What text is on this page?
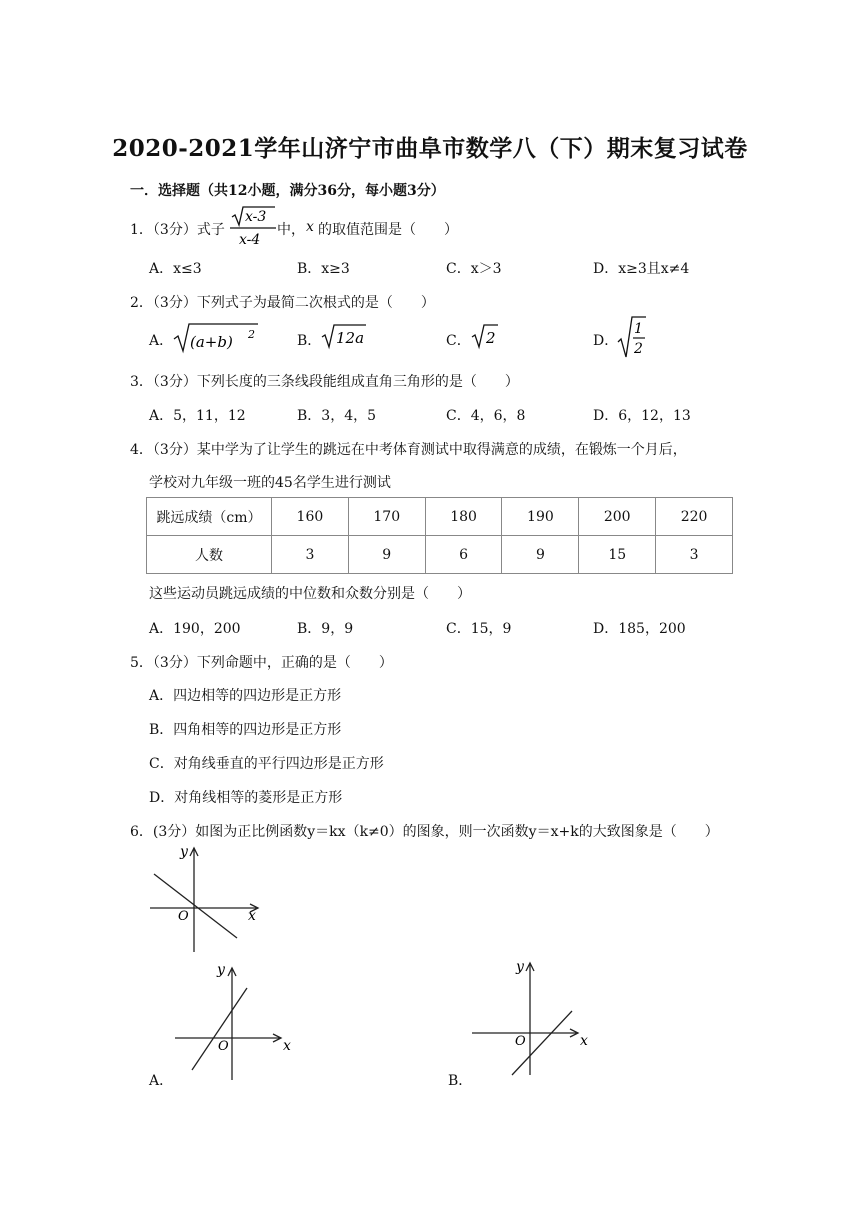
2020-2021学年山济宁市曲阜市数学八（下）期末复习试卷
一．选择题（共12小题，满分36分，每小题3分）
1．（3分）式子
x-3
x-4
中， x 的取值范围是（　　）
A．x≤3	B．x≥3	C．x＞3	D．x≥3且x≠4
2．（3分）下列式子为最简二次根式的是（　　）
A． (a+b) 2	B． 12a	C． 2	D．
1
2
3．（3分）下列长度的三条线段能组成直角三角形的是（　　）
A．5，11，12	B．3，4，5	C．4，6，8	D．6，12，13
4．（3分）某中学为了让学生的跳远在中考体育测试中取得满意的成绩，在锻炼一个月后，
学校对九年级一班的45名学生进行测试
跳远成绩（cm）	160	170	180	190	200	220
人数	3	9	6	9	15	3
这些运动员跳远成绩的中位数和众数分别是（　　）
A．190，200	B．9，9	C．15，9	D．185，200
5．（3分）下列命题中，正确的是（　　）
A．四边相等的四边形是正方形
B．四角相等的四边形是正方形
C．对角线垂直的平行四边形是正方形
D．对角线相等的菱形是正方形
6．(3分）如图为正比例函数y＝kx（k≠0）的图象，则一次函数y＝x+k的大致图象是（　　）
x
y
O
x
y
O
A．
x
y
O
B．
